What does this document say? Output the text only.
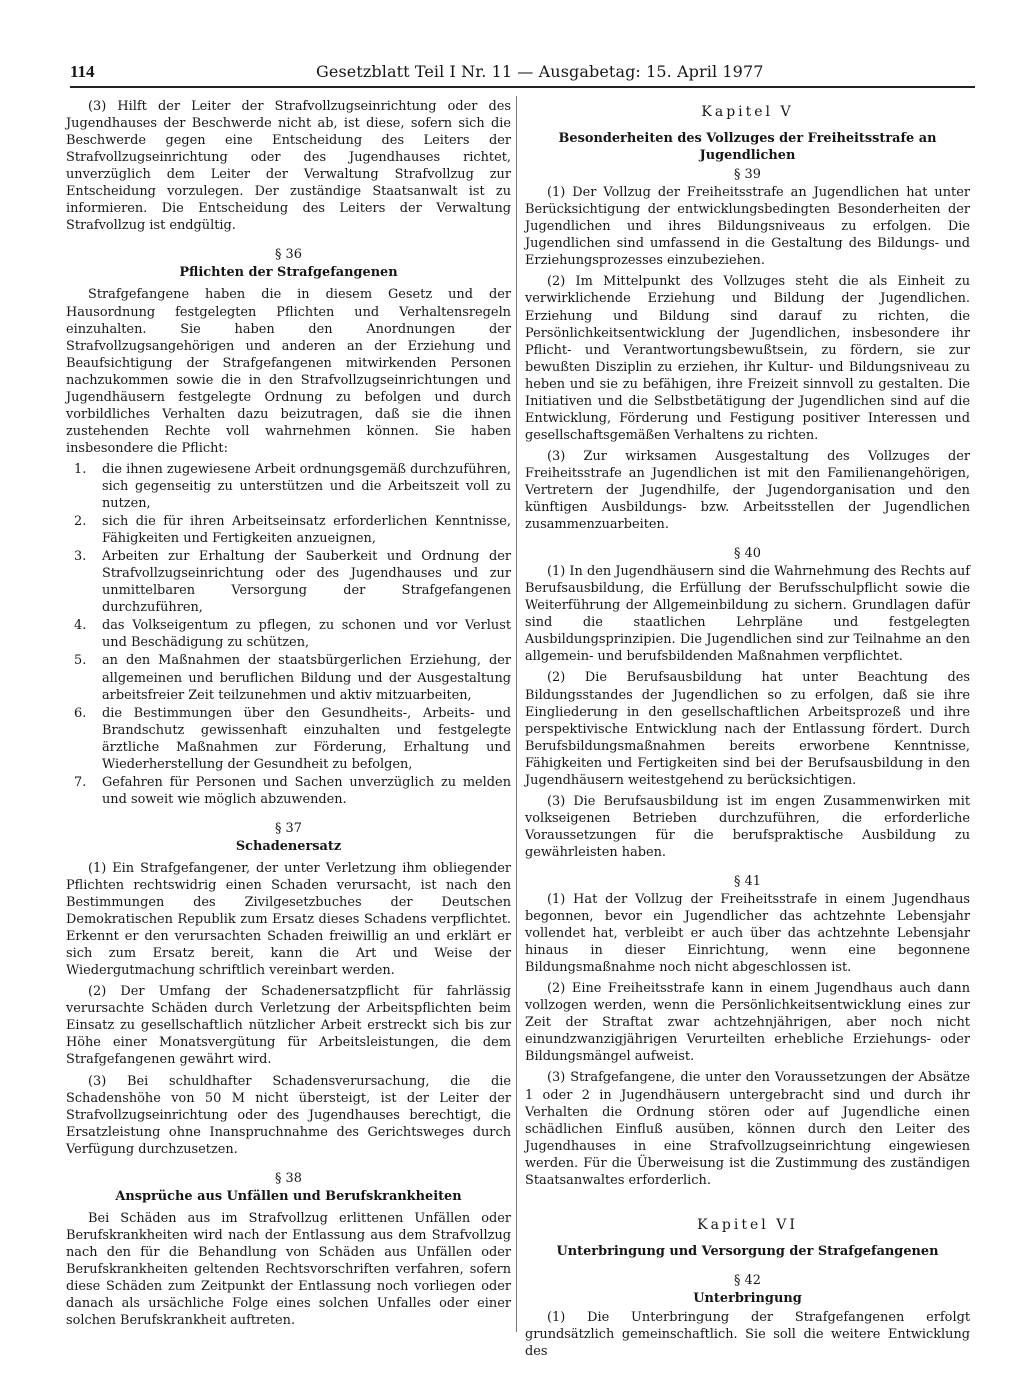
114	Gesetzblatt Teil I Nr. 11 — Ausgabetag: 15. April 1977

(3) Hilft der Leiter der Strafvollzugseinrichtung oder des Jugendhauses der Beschwerde nicht ab, ist diese, sofern sich die Beschwerde gegen eine Entscheidung des Leiters der Strafvollzugseinrichtung oder des Jugendhauses richtet, unverzüglich dem Leiter der Verwaltung Strafvollzug zur Entscheidung vorzulegen. Der zuständige Staatsanwalt ist zu informieren. Die Entscheidung des Leiters der Verwaltung Strafvollzug ist endgültig.

§ 36
Pflichten der Strafgefangenen

Strafgefangene haben die in diesem Gesetz und der Hausordnung festgelegten Pflichten und Verhaltensregeln einzuhalten. Sie haben den Anordnungen der Strafvollzugsangehörigen und anderen an der Erziehung und Beaufsichtigung der Strafgefangenen mitwirkenden Personen nachzukommen sowie die in den Strafvollzugseinrichtungen und Jugendhäusern festgelegte Ordnung zu befolgen und durch vorbildliches Verhalten dazu beizutragen, daß sie die ihnen zustehenden Rechte voll wahrnehmen können. Sie haben insbesondere die Pflicht:

1. die ihnen zugewiesene Arbeit ordnungsgemäß durchzuführen, sich gegenseitig zu unterstützen und die Arbeitszeit voll zu nutzen,
2. sich die für ihren Arbeitseinsatz erforderlichen Kenntnisse, Fähigkeiten und Fertigkeiten anzueignen,
3. Arbeiten zur Erhaltung der Sauberkeit und Ordnung der Strafvollzugseinrichtung oder des Jugendhauses und zur unmittelbaren Versorgung der Strafgefangenen durchzuführen,
4. das Volkseigentum zu pflegen, zu schonen und vor Verlust und Beschädigung zu schützen,
5. an den Maßnahmen der staatsbürgerlichen Erziehung, der allgemeinen und beruflichen Bildung und der Ausgestaltung arbeitsfreier Zeit teilzunehmen und aktiv mitzuarbeiten,
6. die Bestimmungen über den Gesundheits-, Arbeits- und Brandschutz gewissenhaft einzuhalten und festgelegte ärztliche Maßnahmen zur Förderung, Erhaltung und Wiederherstellung der Gesundheit zu befolgen,
7. Gefahren für Personen und Sachen unverzüglich zu melden und soweit wie möglich abzuwenden.
§ 37
Schadenersatz

(1) Ein Strafgefangener, der unter Verletzung ihm obliegender Pflichten rechtswidrig einen Schaden verursacht, ist nach den Bestimmungen des Zivilgesetzbuches der Deutschen Demokratischen Republik zum Ersatz dieses Schadens verpflichtet. Erkennt er den verursachten Schaden freiwillig an und erklärt er sich zum Ersatz bereit, kann die Art und Weise der Wiedergutmachung schriftlich vereinbart werden.

(2) Der Umfang der Schadenersatzpflicht für fahrlässig verursachte Schäden durch Verletzung der Arbeitspflichten beim Einsatz zu gesellschaftlich nützlicher Arbeit erstreckt sich bis zur Höhe einer Monatsvergütung für Arbeitsleistungen, die dem Strafgefangenen gewährt wird.

(3) Bei schuldhafter Schadensverursachung, die die Schadenshöhe von 50 M nicht übersteigt, ist der Leiter der Strafvollzugseinrichtung oder des Jugendhauses berechtigt, die Ersatzleistung ohne Inanspruchnahme des Gerichtsweges durch Verfügung durchzusetzen.

§ 38
Ansprüche aus Unfällen und Berufskrankheiten

Bei Schäden aus im Strafvollzug erlittenen Unfällen oder Berufskrankheiten wird nach der Entlassung aus dem Strafvollzug nach den für die Behandlung von Schäden aus Unfällen oder Berufskrankheiten geltenden Rechtsvorschriften verfahren, sofern diese Schäden zum Zeitpunkt der Entlassung noch vorliegen oder danach als ursächliche Folge eines solchen Unfalles oder einer solchen Berufskrankheit auftreten.

Kapitel V
Besonderheiten des Vollzuges der Freiheitsstrafe an Jugendlichen
§ 39

(1) Der Vollzug der Freiheitsstrafe an Jugendlichen hat unter Berücksichtigung der entwicklungsbedingten Besonderheiten der Jugendlichen und ihres Bildungsniveaus zu erfolgen. Die Jugendlichen sind umfassend in die Gestaltung des Bildungs- und Erziehungsprozesses einzubeziehen.

(2) Im Mittelpunkt des Vollzuges steht die als Einheit zu verwirklichende Erziehung und Bildung der Jugendlichen. Erziehung und Bildung sind darauf zu richten, die Persönlichkeitsentwicklung der Jugendlichen, insbesondere ihr Pflicht- und Verantwortungsbewußtsein, zu fördern, sie zur bewußten Disziplin zu erziehen, ihr Kultur- und Bildungsniveau zu heben und sie zu befähigen, ihre Freizeit sinnvoll zu gestalten. Die Initiativen und die Selbstbetätigung der Jugendlichen sind auf die Entwicklung, Förderung und Festigung positiver Interessen und gesellschaftsgemäßen Verhaltens zu richten.

(3) Zur wirksamen Ausgestaltung des Vollzuges der Freiheitsstrafe an Jugendlichen ist mit den Familienangehörigen, Vertretern der Jugendhilfe, der Jugendorganisation und den künftigen Ausbildungs- bzw. Arbeitsstellen der Jugendlichen zusammenzuarbeiten.

§ 40

(1) In den Jugendhäusern sind die Wahrnehmung des Rechts auf Berufsausbildung, die Erfüllung der Berufsschulpflicht sowie die Weiterführung der Allgemeinbildung zu sichern. Grundlagen dafür sind die staatlichen Lehrpläne und festgelegten Ausbildungsprinzipien. Die Jugendlichen sind zur Teilnahme an den allgemein- und berufsbildenden Maßnahmen verpflichtet.

(2) Die Berufsausbildung hat unter Beachtung des Bildungsstandes der Jugendlichen so zu erfolgen, daß sie ihre Eingliederung in den gesellschaftlichen Arbeitsprozeß und ihre perspektivische Entwicklung nach der Entlassung fördert. Durch Berufsbildungsmaßnahmen bereits erworbene Kenntnisse, Fähigkeiten und Fertigkeiten sind bei der Berufsausbildung in den Jugendhäusern weitestgehend zu berücksichtigen.

(3) Die Berufsausbildung ist im engen Zusammenwirken mit volkseigenen Betrieben durchzuführen, die erforderliche Voraussetzungen für die berufspraktische Ausbildung zu gewährleisten haben.

§ 41

(1) Hat der Vollzug der Freiheitsstrafe in einem Jugendhaus begonnen, bevor ein Jugendlicher das achtzehnte Lebensjahr vollendet hat, verbleibt er auch über das achtzehnte Lebensjahr hinaus in dieser Einrichtung, wenn eine begonnene Bildungsmaßnahme noch nicht abgeschlossen ist.

(2) Eine Freiheitsstrafe kann in einem Jugendhaus auch dann vollzogen werden, wenn die Persönlichkeitsentwicklung eines zur Zeit der Straftat zwar achtzehnjährigen, aber noch nicht einundzwanzigjährigen Verurteilten erhebliche Erziehungs- oder Bildungsmängel aufweist.

(3) Strafgefangene, die unter den Voraussetzungen der Absätze 1 oder 2 in Jugendhäusern untergebracht sind und durch ihr Verhalten die Ordnung stören oder auf Jugendliche einen schädlichen Einfluß ausüben, können durch den Leiter des Jugendhauses in eine Strafvollzugseinrichtung eingewiesen werden. Für die Überweisung ist die Zustimmung des zuständigen Staatsanwaltes erforderlich.

Kapitel VI
Unterbringung und Versorgung der Strafgefangenen
§ 42
Unterbringung

(1) Die Unterbringung der Strafgefangenen erfolgt grundsätzlich gemeinschaftlich. Sie soll die weitere Entwicklung des
